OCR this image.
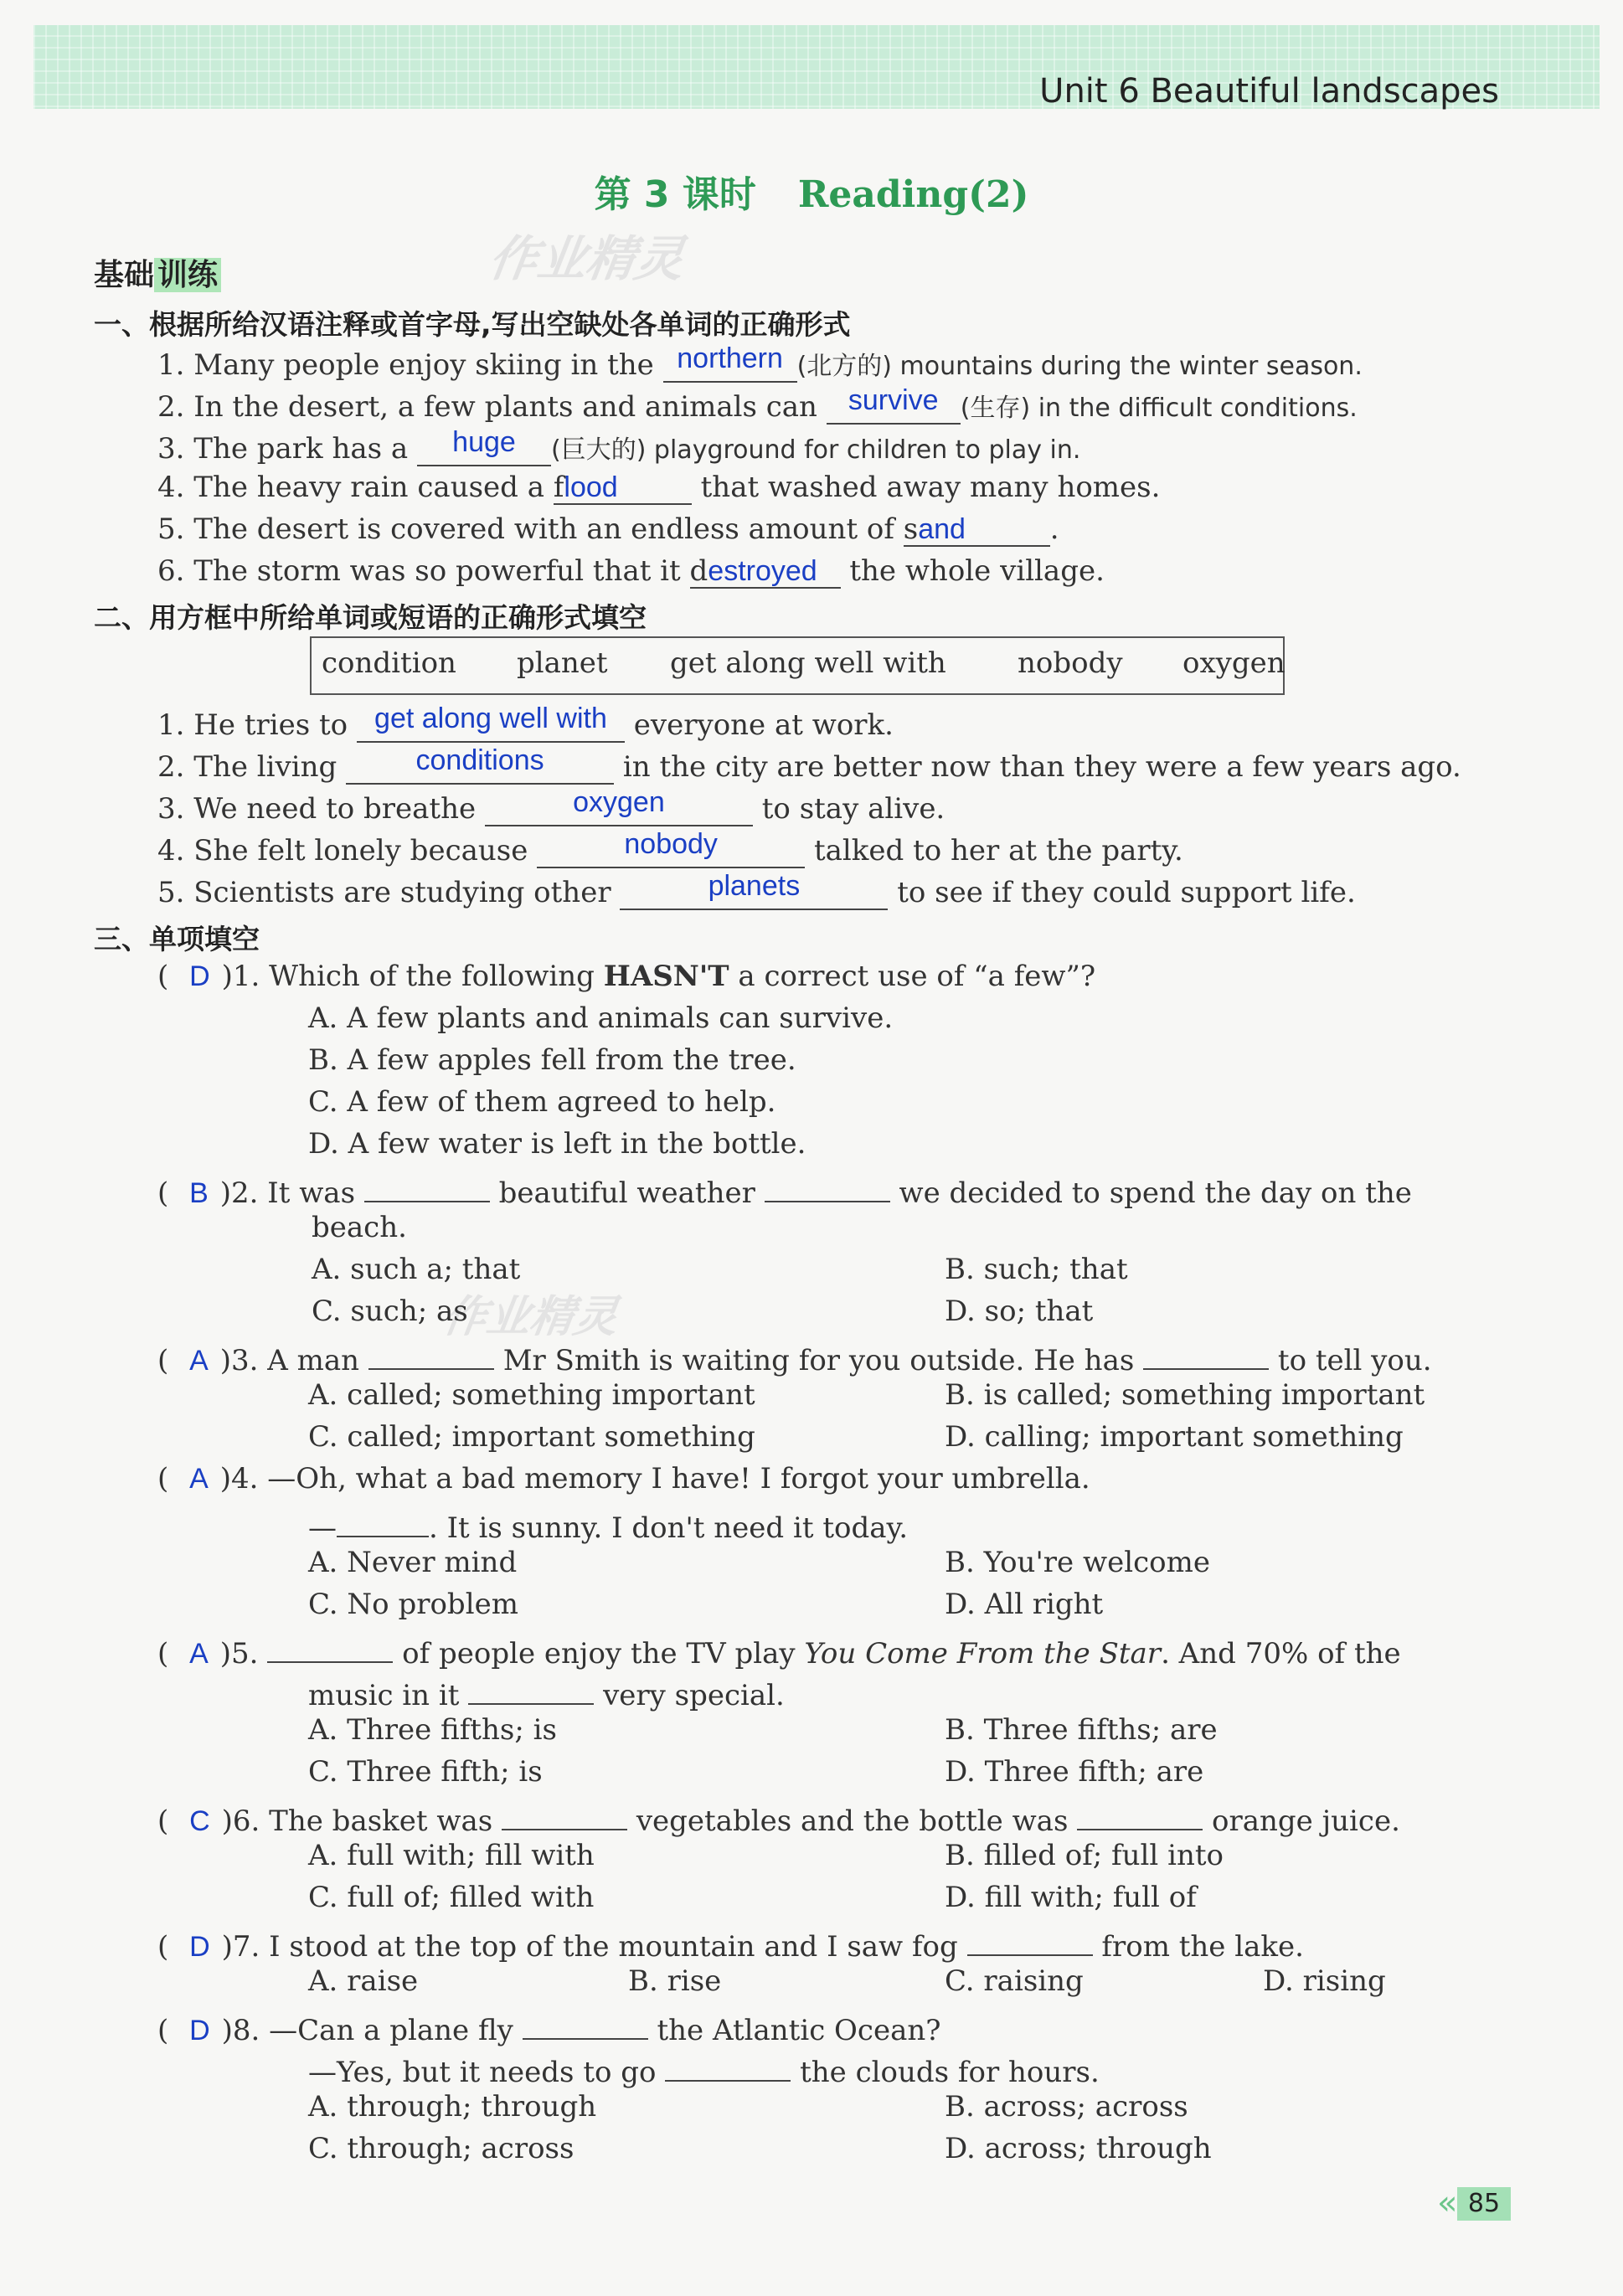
Unit 6 Beautiful landscapes
第 3 课时 Reading(2)
作业精灵
作业精灵
基础 训练
一、根据所给汉语注释或首字母,写出空缺处各单词的正确形式
1. Many people enjoy skiing in the northern (北方的) mountains during the winter season.
2. In the desert, a few plants and animals can survive (生存) in the difficult conditions.
3. The park has a huge (巨大的) playground for children to play in.
4. The heavy rain caused a flood	that washed away many homes.
5. The desert is covered with an endless amount of sand	.
6. The storm was so powerful that it destroyed the whole village.
二、用方框中所给单词或短语的正确形式填空
condition planet get along well with	nobody oxygen
1. He tries to get along well with everyone at work.
2. The living	conditions	in the city are better now than they were a few years ago.
3. We need to breathe	oxygen	to stay alive.
4. She felt lonely because	nobody	talked to her at the party.
5. Scientists are studying other	planets	to see if they could support life.
三、单项填空
( D )1. Which of the following HASN'T a correct use of “a few”?
A. A few plants and animals can survive.
B. A few apples fell from the tree.
C. A few of them agreed to help.
D. A few water is left in the bottle.
( B )2. It was	beautiful weather	we decided to spend the day on the
beach.
A. such a; that	B. such; that
C. such; as	D. so; that
( A )3. A man	Mr Smith is waiting for you outside. He has	to tell you.
A. called; something important	B. is called; something important
C. called; important something	D. calling; important something
( A )4. —Oh, what a bad memory I have! I forgot your umbrella.
—	. It is sunny. I don't need it today.
A. Never mind	B. You're welcome
C. No problem	D. All right
( A )5.	of people enjoy the TV play You Come From the Star. And 70% of the
music in it	very special.
A. Three fifths; is	B. Three fifths; are
C. Three fifth; is	D. Three fifth; are
( C )6. The basket was	vegetables and the bottle was	orange juice.
A. full with; fill with	B. filled of; full into
C. full of; filled with	D. fill with; full of
( D )7. I stood at the top of the mountain and I saw fog	from the lake.
A. raise	B. rise	C. raising	D. rising
( D )8. —Can a plane fly	the Atlantic Ocean?
—Yes, but it needs to go	the clouds for hours.
A. through; through	B. across; across
C. through; across	D. across; through
« 85
